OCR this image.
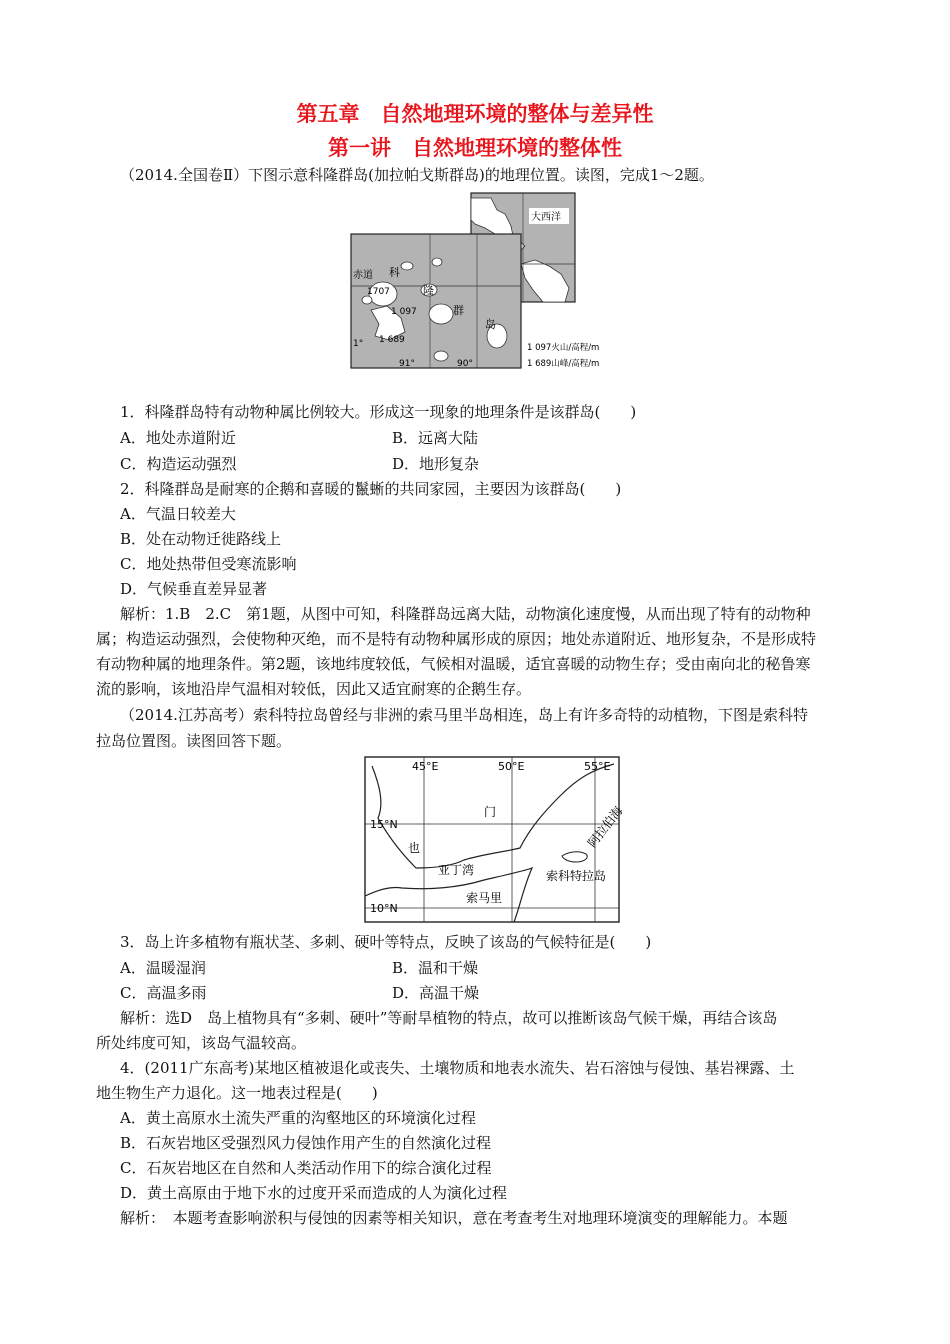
第五章　自然地理环境的整体与差异性
第一讲　自然地理环境的整体性
（2014.全国卷Ⅱ）下图示意科隆群岛(加拉帕戈斯群岛)的地理位置。读图，完成1～2题。
大西洋
赤道 科
隆
群
岛
1707
1 097
1 689
1°
91°	90°
1 097火山/高程/m
1 689山峰/高程/m
1．科隆群岛特有动物种属比例较大。形成这一现象的地理条件是该群岛(　　)
A．地处赤道附近	B．远离大陆
C．构造运动强烈	D．地形复杂
2．科隆群岛是耐寒的企鹅和喜暖的鬣蜥的共同家园，主要因为该群岛(　　)
A．气温日较差大
B．处在动物迁徙路线上
C．地处热带但受寒流影响
D．气候垂直差异显著
解析：1.B　2.C　第1题，从图中可知，科隆群岛远离大陆，动物演化速度慢，从而出现了特有的动物种
属；构造运动强烈，会使物种灭绝，而不是特有动物种属形成的原因；地处赤道附近、地形复杂，不是形成特
有动物种属的地理条件。第2题，该地纬度较低，气候相对温暖，适宜喜暖的动物生存；受由南向北的秘鲁寒
流的影响，该地沿岸气温相对较低，因此又适宜耐寒的企鹅生存。
（2014.江苏高考）索科特拉岛曾经与非洲的索马里半岛相连，岛上有许多奇特的动植物，下图是索科特
拉岛位置图。读图回答下题。
45°E	50°E	55°E
15°N
10°N
门
也	阿拉伯海
亚丁湾	索科特拉岛
索马里
3．岛上许多植物有瓶状茎、多刺、硬叶等特点，反映了该岛的气候特征是(　　)
A．温暖湿润	B．温和干燥
C．高温多雨	D．高温干燥
解析：选D　岛上植物具有“多刺、硬叶”等耐旱植物的特点，故可以推断该岛气候干燥，再结合该岛
所处纬度可知，该岛气温较高。
4．(2011广东高考)某地区植被退化或丧失、土壤物质和地表水流失、岩石溶蚀与侵蚀、基岩裸露、土
地生物生产力退化。这一地表过程是(　　)
A．黄土高原水土流失严重的沟壑地区的环境演化过程
B．石灰岩地区受强烈风力侵蚀作用产生的自然演化过程
C．石灰岩地区在自然和人类活动作用下的综合演化过程
D．黄土高原由于地下水的过度开采而造成的人为演化过程
解析：　本题考查影响淤积与侵蚀的因素等相关知识，意在考查考生对地理环境演变的理解能力。本题
